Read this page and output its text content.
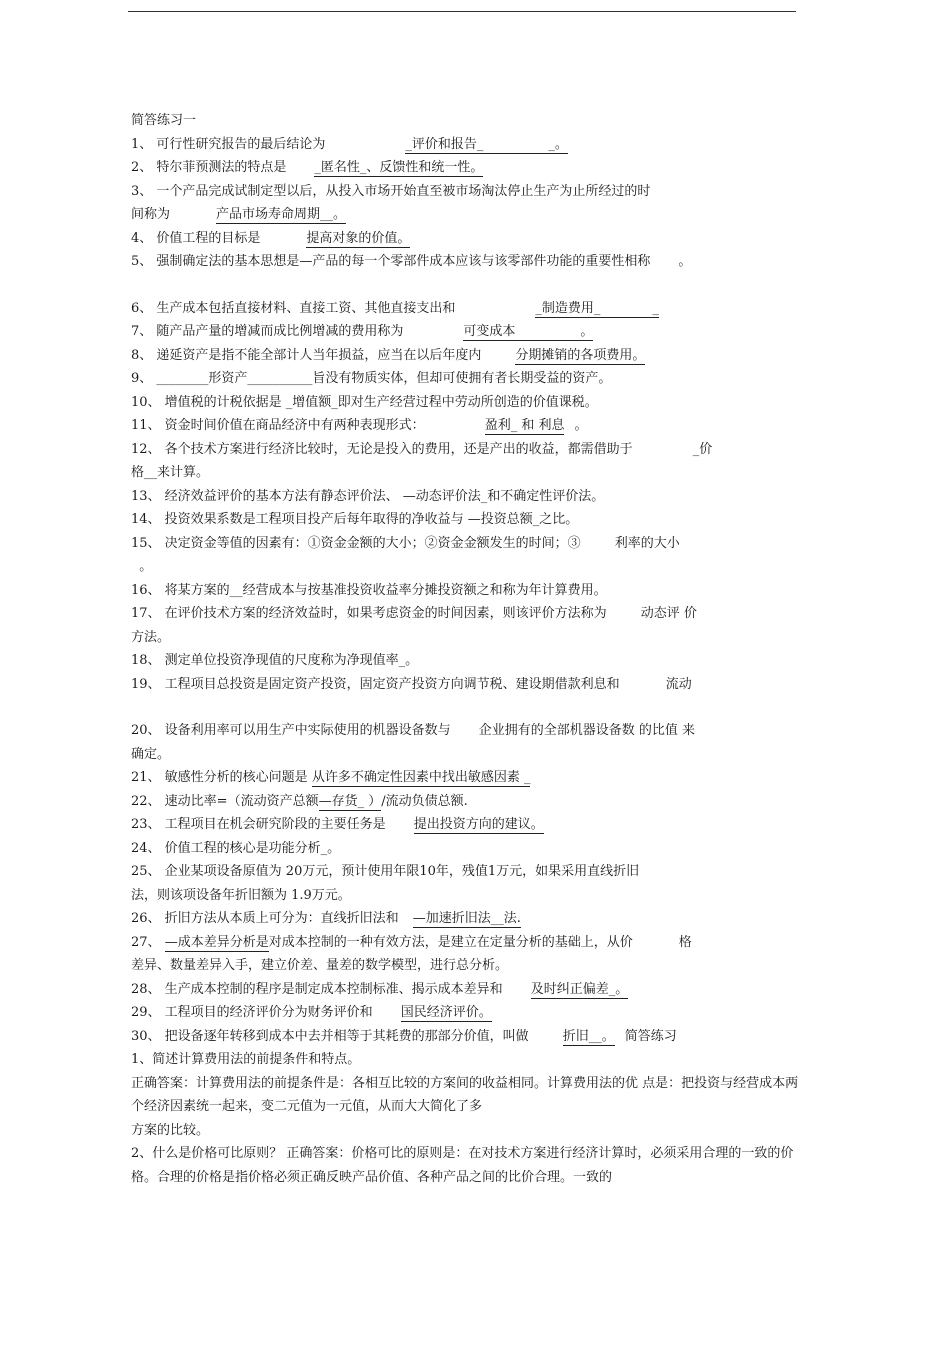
简答练习一
1、 可行性研究报告的最后结论为	_评价和报告_　　　　　_。
2、 特尔菲预测法的特点是 _匿名性_、反馈性和统一性。
3、 一个产品完成试制定型以后，从投入市场开始直至被市场淘汰停止生产为止所经过的时
间称为	产品市场寿命周期__。
4、 价值工程的目标是	提高对象的价值。
5、 强制确定法的基本思想是—产品的每一个零部件成本应该与该零部件功能的重要性相称 。
6、 生产成本包括直接材料、直接工资、其他直接支出和	_制造费用_　　　　_
7、 随产品产量的增减而成比例增减的费用称为	可变成本　　　　　。
8、 递延资产是指不能全部计人当年损益，应当在以后年度内	分期摊销的各项费用。
9、 ________形资产__________旨没有物质实体，但却可使拥有者长期受益的资产。
10、 增值税的计税依据是 _增值额_即对生产经营过程中劳动所创造的价值课税。
11、 资金时间价值在商品经济中有两种表现形式：	盈利_ 和 利息 。
12、 各个技术方案进行经济比较时，无论是投入的费用，还是产出的收益，都需借助于	_价
格__来计算。
13、 经济效益评价的基本方法有静态评价法、 —动态评价法_和不确定性评价法。
14、 投资效果系数是工程项目投产后每年取得的净收益与 —投资总额_之比。
15、 决定资金等值的因素有：①资金金额的大小；②资金金额发生的时间；③	利率的大小
。
16、 将某方案的__经营成本与按基准投资收益率分摊投资额之和称为年计算费用。
17、 在评价技术方案的经济效益时，如果考虑资金的时间因素，则该评价方法称为	动态评 价
方法。
18、 测定单位投资净现值的尺度称为净现值率_。
19、 工程项目总投资是固定资产投资，固定资产投资方向调节税、建设期借款利息和	流动
20、 设备利用率可以用生产中实际使用的机器设备数与 企业拥有的全部机器设备数 的比值 来
确定。
21、 敏感性分析的核心问题是 从许多不确定性因素中找出敏感因素 _
22、 速动比率=（流动资产总额—存货_ ）/流动负债总额.
23、 工程项目在机会研究阶段的主要任务是 提出投资方向的建议。
24、 价值工程的核心是功能分析_。
25、 企业某项设备原值为 20万元，预计使用年限10年，残值1万元，如果采用直线折旧
法，则该项设备年折旧额为 1.9万元。
26、 折旧方法从本质上可分为：直线折旧法和 —加速折旧法__法.
27、 —成本差异分析是对成本控制的一种有效方法，是建立在定量分析的基础上，从价	格
差异、数量差异入手，建立价差、量差的数学模型，进行总分析。
28、 生产成本控制的程序是制定成本控制标准、揭示成本差异和 及时纠正偏差_。
29、 工程项目的经济评价分为财务评价和 国民经济评价。
30、 把设备逐年转移到成本中去并相等于其耗费的那部分价值，叫做	折旧__。 简答练习
1、简述计算费用法的前提条件和特点。
正确答案：计算费用法的前提条件是：各相互比较的方案间的收益相同。计算费用法的优 点是：把投资与经营成本两个经济因素统一起来，变二元值为一元值，从而大大简化了多
方案的比较。
2、什么是价格可比原则？ 正确答案：价格可比的原则是：在对技术方案进行经济计算时，必须采用合理的一致的价 格。合理的价格是指价格必须正确反映产品价值、各种产品之间的比价合理。一致的
